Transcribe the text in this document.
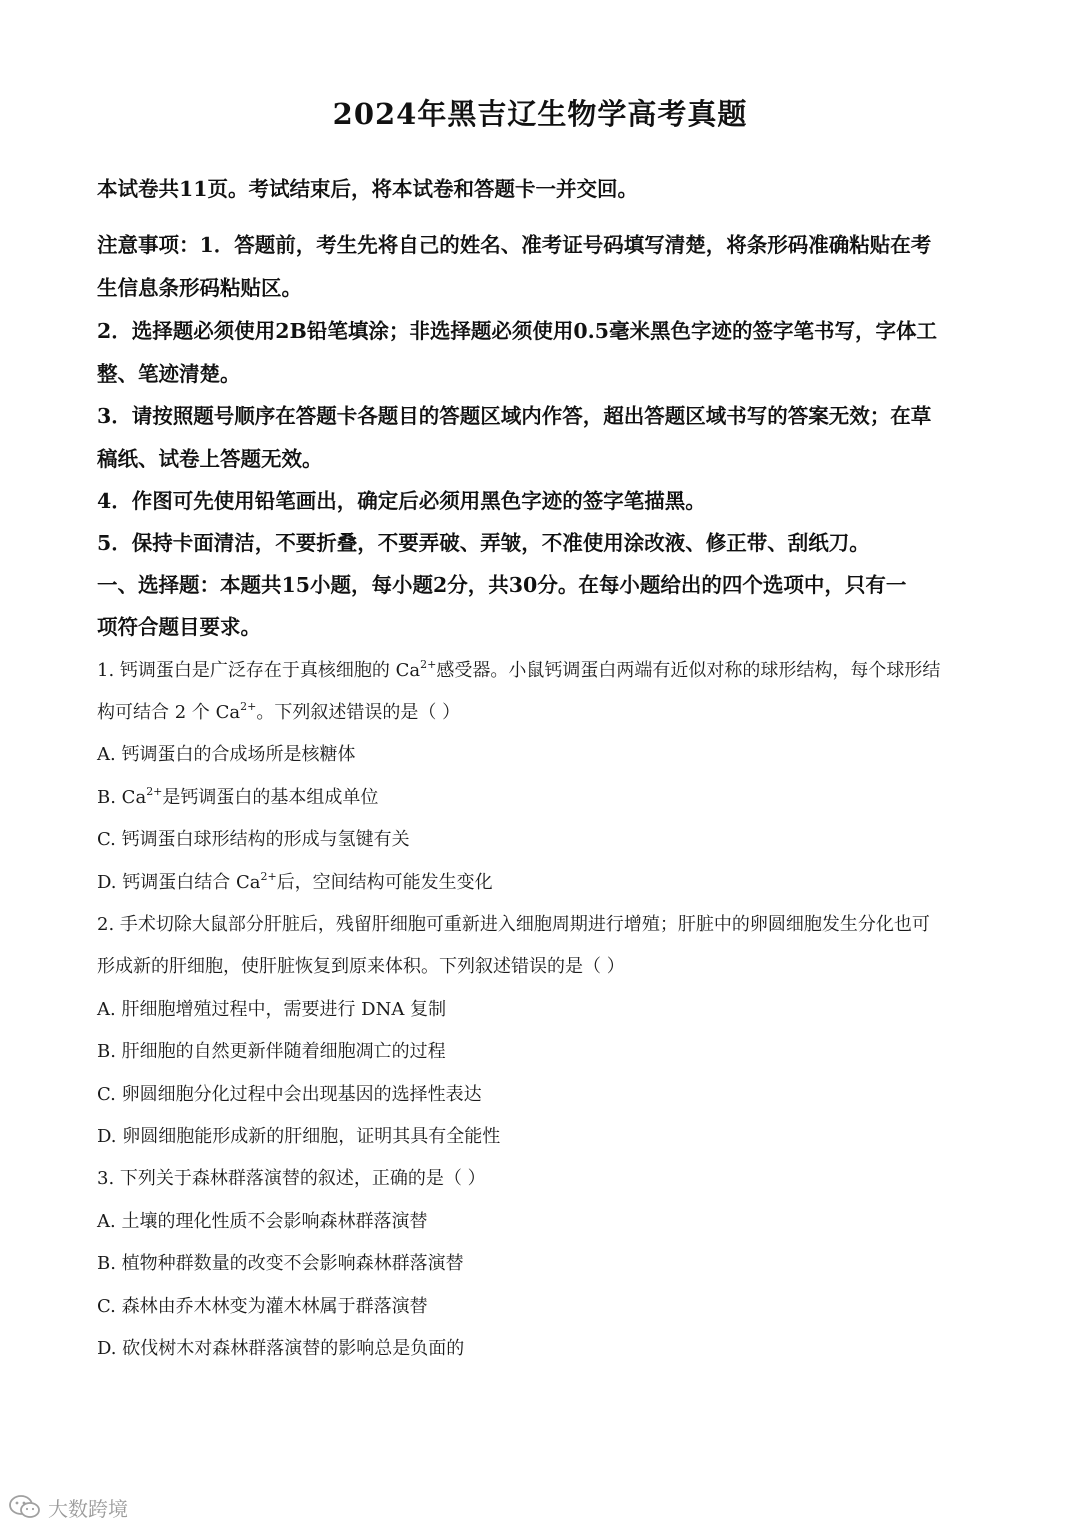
2024年黑吉辽生物学高考真题
本试卷共11页。考试结束后，将本试卷和答题卡一并交回。
注意事项：1．答题前，考生先将自己的姓名、准考证号码填写清楚，将条形码准确粘贴在考
生信息条形码粘贴区。
2．选择题必须使用2B铅笔填涂；非选择题必须使用0.5毫米黑色字迹的签字笔书写，字体工
整、笔迹清楚。
3．请按照题号顺序在答题卡各题目的答题区域内作答，超出答题区域书写的答案无效；在草
稿纸、试卷上答题无效。
4．作图可先使用铅笔画出，确定后必须用黑色字迹的签字笔描黑。
5．保持卡面清洁，不要折叠，不要弄破、弄皱，不准使用涂改液、修正带、刮纸刀。
一、选择题：本题共15小题，每小题2分，共30分。在每小题给出的四个选项中，只有一
项符合题目要求。
1. 钙调蛋白是广泛存在于真核细胞的 $Ca^{2+}$感受器。小鼠钙调蛋白两端有近似对称的球形结构，每个球形结
构可结合 2 个 $Ca^{2+}$。下列叙述错误的是（ ）
A. 钙调蛋白的合成场所是核糖体
B. $Ca^{2+}$是钙调蛋白的基本组成单位
C. 钙调蛋白球形结构的形成与氢键有关
D. 钙调蛋白结合 $Ca^{2+}$后，空间结构可能发生变化
2. 手术切除大鼠部分肝脏后，残留肝细胞可重新进入细胞周期进行增殖；肝脏中的卵圆细胞发生分化也可
形成新的肝细胞，使肝脏恢复到原来体积。下列叙述错误的是（ ）
A. 肝细胞增殖过程中，需要进行 DNA 复制
B. 肝细胞的自然更新伴随着细胞凋亡的过程
C. 卵圆细胞分化过程中会出现基因的选择性表达
D. 卵圆细胞能形成新的肝细胞，证明其具有全能性
3. 下列关于森林群落演替的叙述，正确的是（ ）
A. 土壤的理化性质不会影响森林群落演替
B. 植物种群数量的改变不会影响森林群落演替
C. 森林由乔木林变为灌木林属于群落演替
D. 砍伐树木对森林群落演替的影响总是负面的
大数跨境
